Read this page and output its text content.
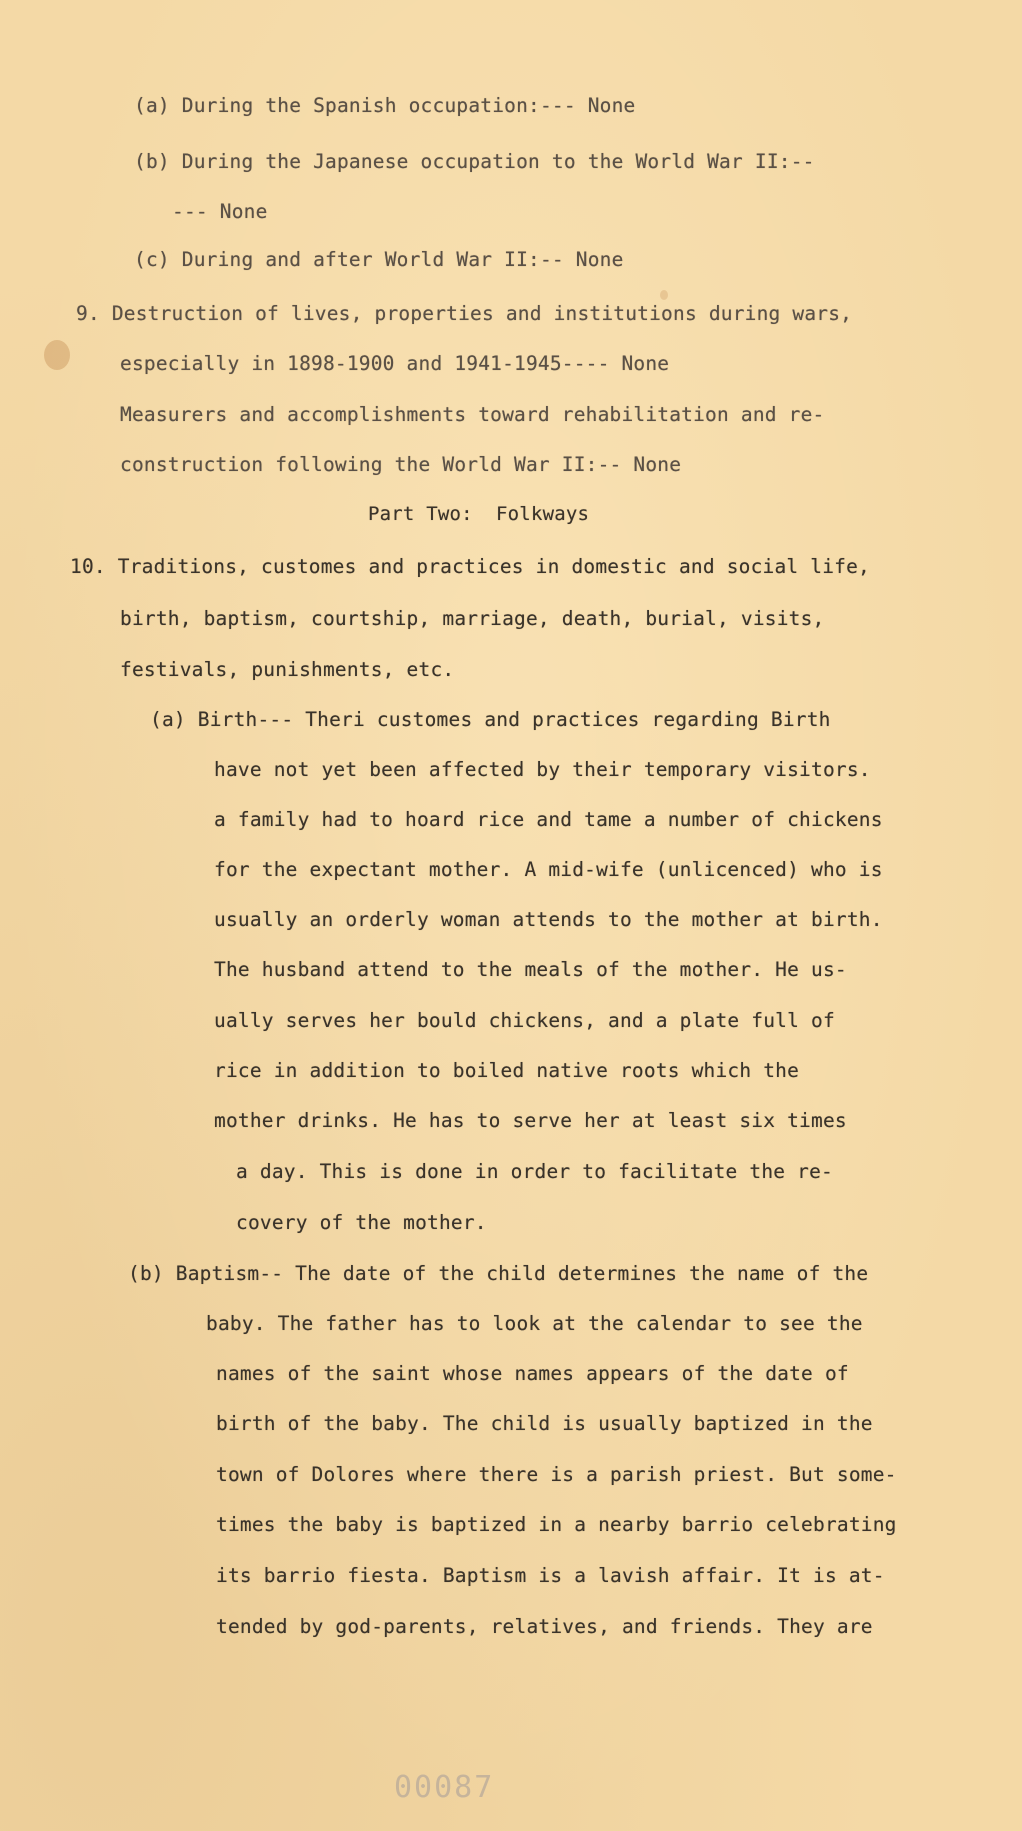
(a) During the Spanish occupation:--- None
(b) During the Japanese occupation to the World War II:--
--- None
(c) During and after World War II:-- None
9. Destruction of lives, properties and institutions during wars,
especially in 1898-1900 and 1941-1945---- None
Measurers and accomplishments toward rehabilitation and re-
construction following the World War II:-- None
Part Two:  Folkways
10. Traditions, customes and practices in domestic and social life,
birth, baptism, courtship, marriage, death, burial, visits,
festivals, punishments, etc.
(a) Birth--- Theri customes and practices regarding Birth
have not yet been affected by their temporary visitors.
a family had to hoard rice and tame a number of chickens
for the expectant mother. A mid-wife (unlicenced) who is
usually an orderly woman attends to the mother at birth.
The husband attend to the meals of the mother. He us-
ually serves her bould chickens, and a plate full of
rice in addition to boiled native roots which the
mother drinks. He has to serve her at least six times
a day. This is done in order to facilitate the re-
covery of the mother.
(b) Baptism-- The date of the child determines the name of the
baby. The father has to look at the calendar to see the
names of the saint whose names appears of the date of
birth of the baby. The child is usually baptized in the
town of Dolores where there is a parish priest. But some-
times the baby is baptized in a nearby barrio celebrating
its barrio fiesta. Baptism is a lavish affair. It is at-
tended by god-parents, relatives, and friends. They are
00087
